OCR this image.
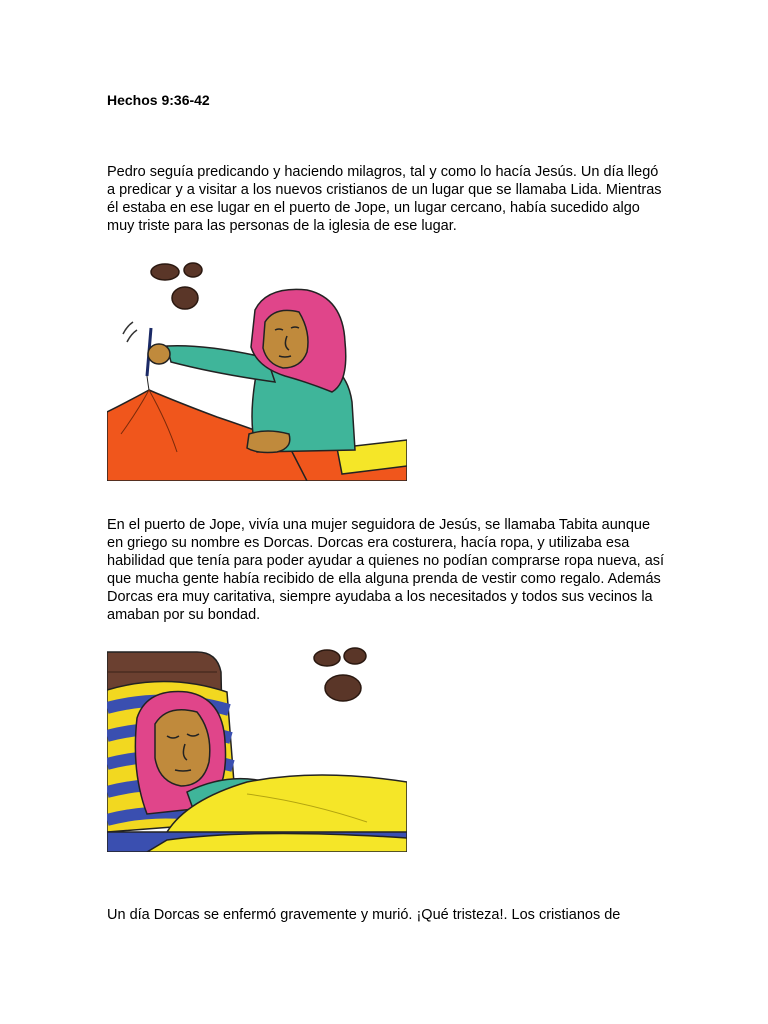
Hechos 9:36-42

Pedro seguía predicando y haciendo milagros, tal y como lo hacía Jesús. Un día llegó a predicar y a visitar a los nuevos cristianos de un lugar que se llamaba Lida. Mientras él estaba en ese lugar en el puerto de Jope, un lugar cercano, había sucedido algo muy triste para las personas de la iglesia de ese lugar.

En el puerto de Jope, vivía una mujer seguidora de Jesús, se llamaba Tabita aunque en griego su nombre es Dorcas. Dorcas era costurera, hacía ropa, y utilizaba esa habilidad que tenía para poder ayudar a quienes no podían comprarse ropa nueva, así que mucha gente había recibido de ella alguna prenda de vestir como regalo. Además Dorcas era muy caritativa, siempre ayudaba a los necesitados y todos sus vecinos la amaban por su bondad.

Un día Dorcas se enfermó gravemente y murió. ¡Qué tristeza!. Los cristianos de
